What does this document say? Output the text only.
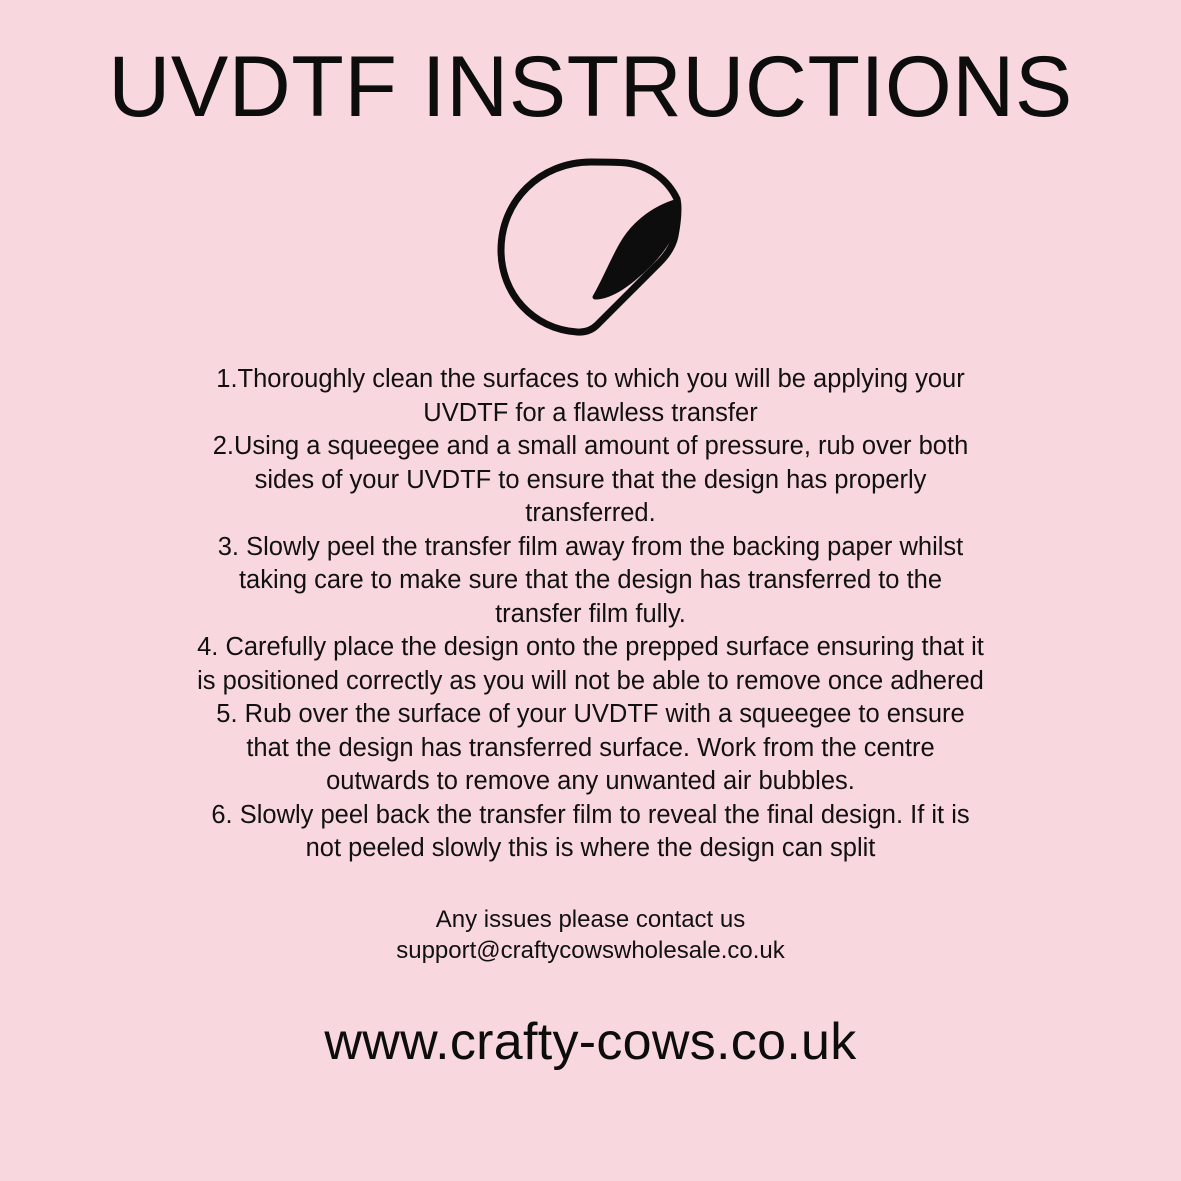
UVDTF INSTRUCTIONS
1.Thoroughly clean the surfaces to which you will be applying your UVDTF for a flawless transfer
2.Using a squeegee and a small amount of pressure, rub over both sides of your UVDTF to ensure that the design has properly transferred.
3. Slowly peel the transfer film away from the backing paper whilst taking care to make sure that the design has transferred to the transfer film fully.
4. Carefully place the design onto the prepped surface ensuring that it is positioned correctly as you will not be able to remove once adhered
5. Rub over the surface of your UVDTF with a squeegee to ensure that the design has transferred surface. Work from the centre outwards to remove any unwanted air bubbles.
6. Slowly peel back the transfer film to reveal the final design. If it is not peeled slowly this is where the design can split
Any issues please contact us
support@craftycowswholesale.co.uk
www.crafty-cows.co.uk
